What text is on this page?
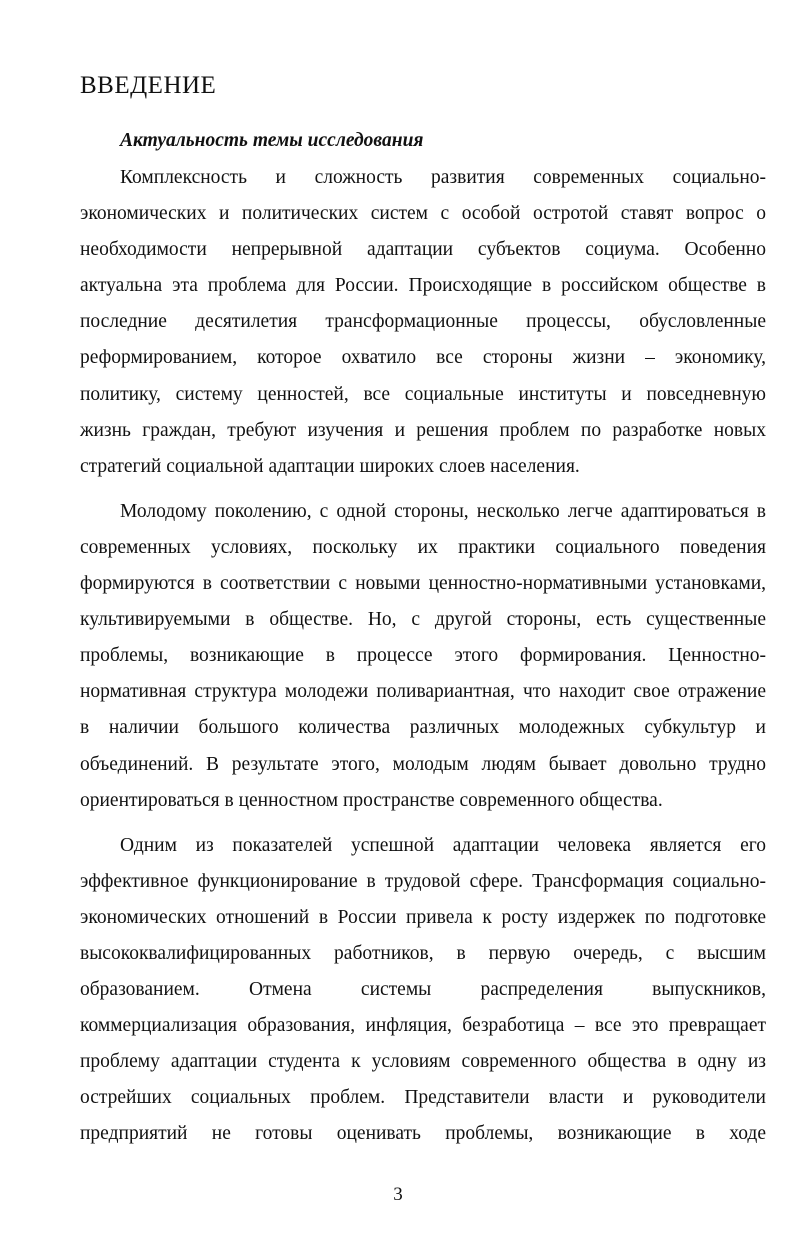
ВВЕДЕНИЕ
Актуальность темы исследования

Комплексность и сложность развития современных социально-
экономических и политических систем с особой остротой ставят вопрос о
необходимости непрерывной адаптации субъектов социума. Особенно
актуальна эта проблема для России. Происходящие в российском обществе в
последние десятилетия трансформационные процессы, обусловленные
реформированием, которое охватило все стороны жизни – экономику,
политику, систему ценностей, все социальные институты и повседневную
жизнь граждан, требуют изучения и решения проблем по разработке новых
стратегий социальной адаптации широких слоев населения.

Молодому поколению, с одной стороны, несколько легче адаптироваться в
современных условиях, поскольку их практики социального поведения
формируются в соответствии с новыми ценностно-нормативными установками,
культивируемыми в обществе. Но, с другой стороны, есть существенные
проблемы, возникающие в процессе этого формирования. Ценностно-
нормативная структура молодежи поливариантная, что находит свое отражение
в наличии большого количества различных молодежных субкультур и
объединений. В результате этого, молодым людям бывает довольно трудно
ориентироваться в ценностном пространстве современного общества.

Одним из показателей успешной адаптации человека является его
эффективное функционирование в трудовой сфере. Трансформация социально-
экономических отношений в России привела к росту издержек по подготовке
высококвалифицированных работников, в первую очередь, с высшим
образованием. Отмена системы распределения выпускников,
коммерциализация образования, инфляция, безработица – все это превращает
проблему адаптации студента к условиям современного общества в одну из
острейших социальных проблем. Представители власти и руководители
предприятий не готовы оценивать проблемы, возникающие в ходе

3
